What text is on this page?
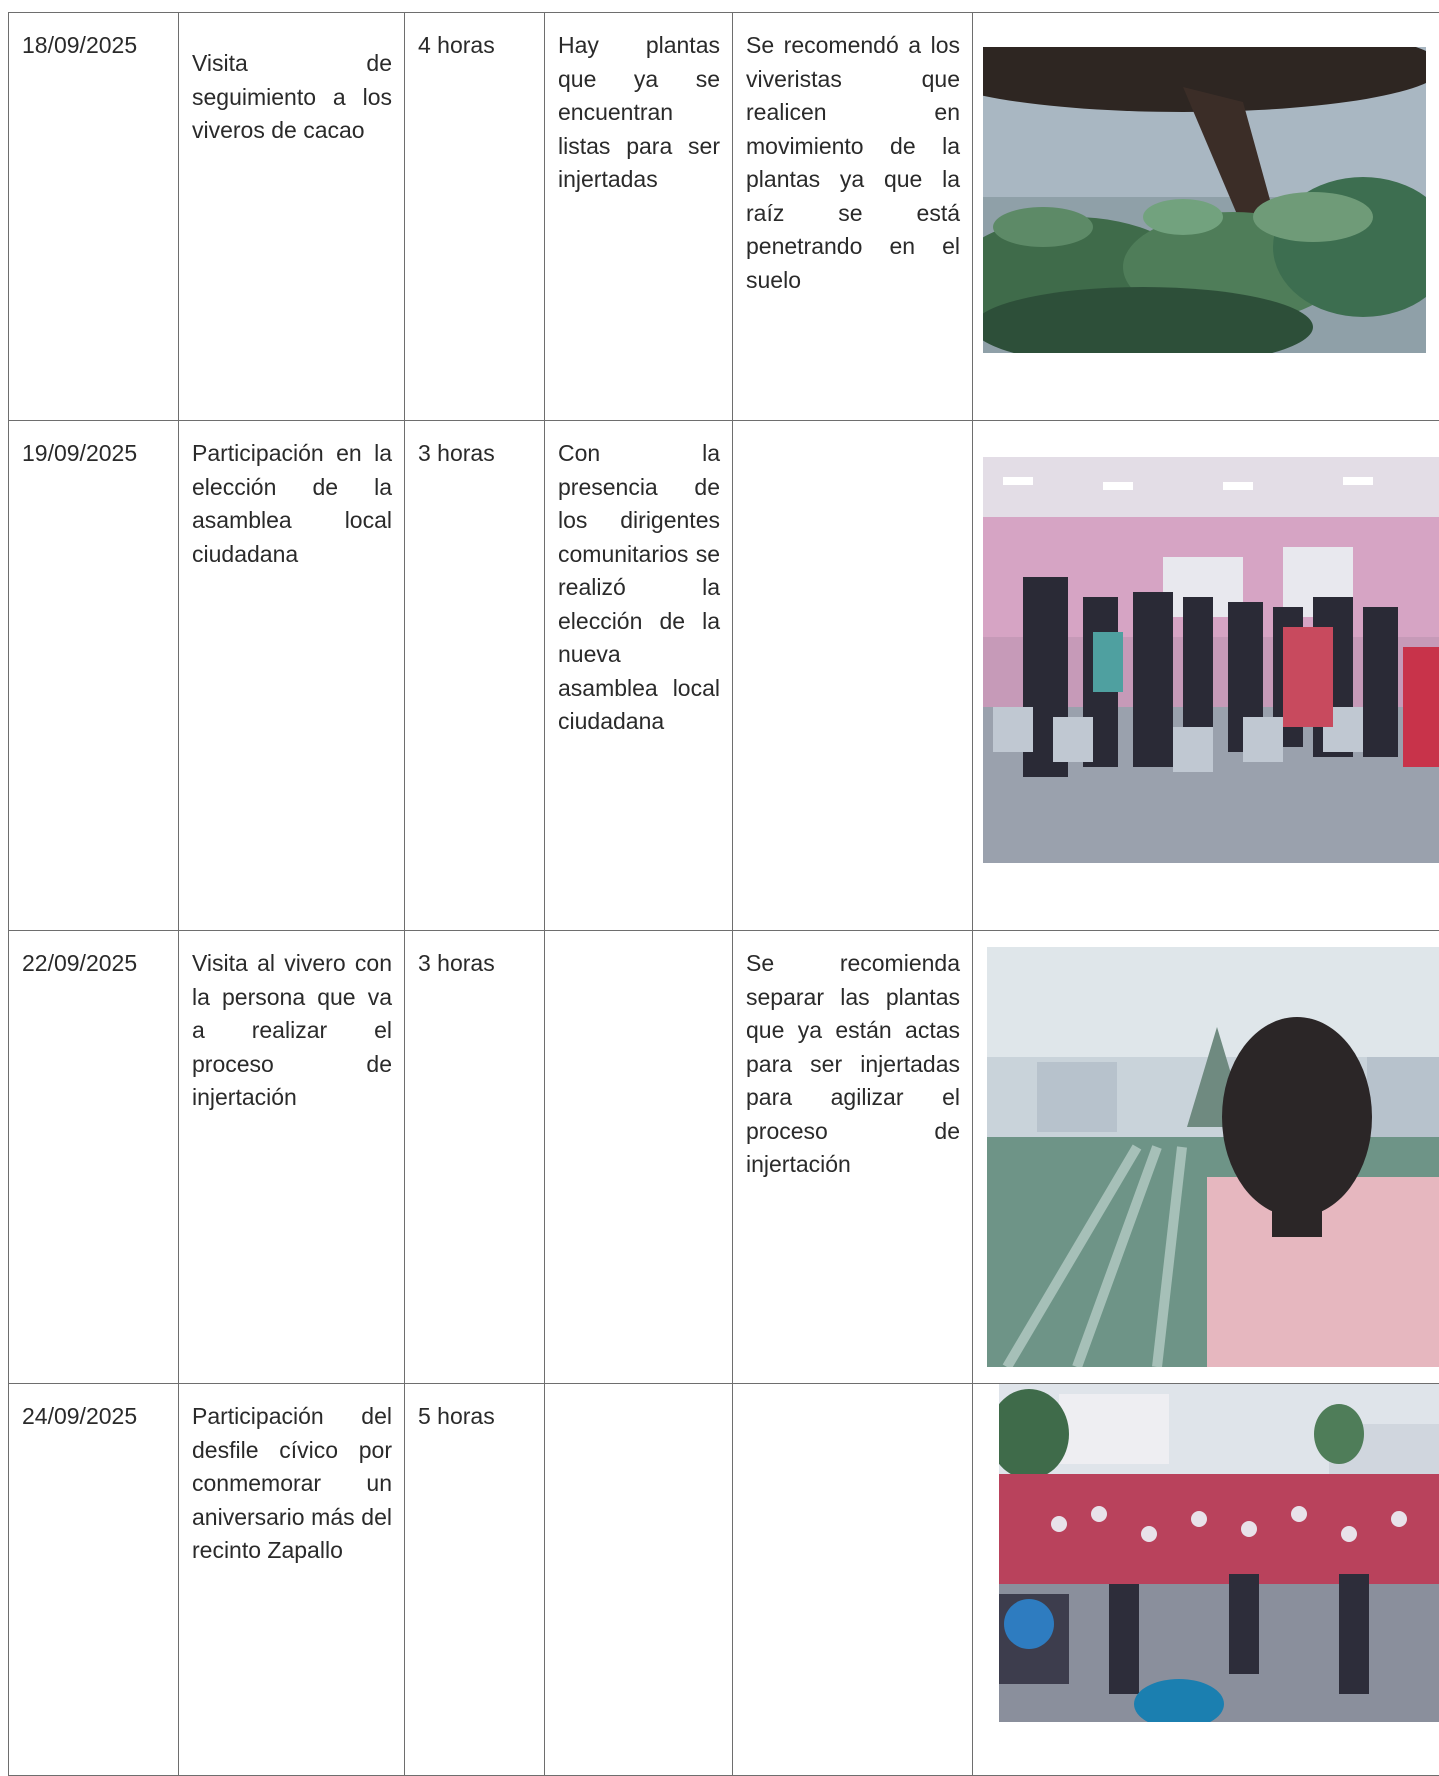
18/09/2025	Visita de seguimiento a los viveros de cacao	4 horas	Hay plantas que ya se encuentran listas para ser injertadas	Se recomendó a los viveristas que realicen en movimiento de la plantas ya que la raíz se está penetrando en el suelo	

19/09/2025	Participación en la elección de la asamblea local ciudadana	3 horas	Con la presencia de los dirigentes comunitarios se realizó la elección de la nueva asamblea local ciudadana		

22/09/2025	Visita al vivero con la persona que va a realizar el proceso de injertación	3 horas		Se recomienda separar las plantas que ya están actas para ser injertadas para agilizar el proceso de injertación	

24/09/2025	Participación del desfile cívico por conmemorar un aniversario más del recinto Zapallo	5 horas			
